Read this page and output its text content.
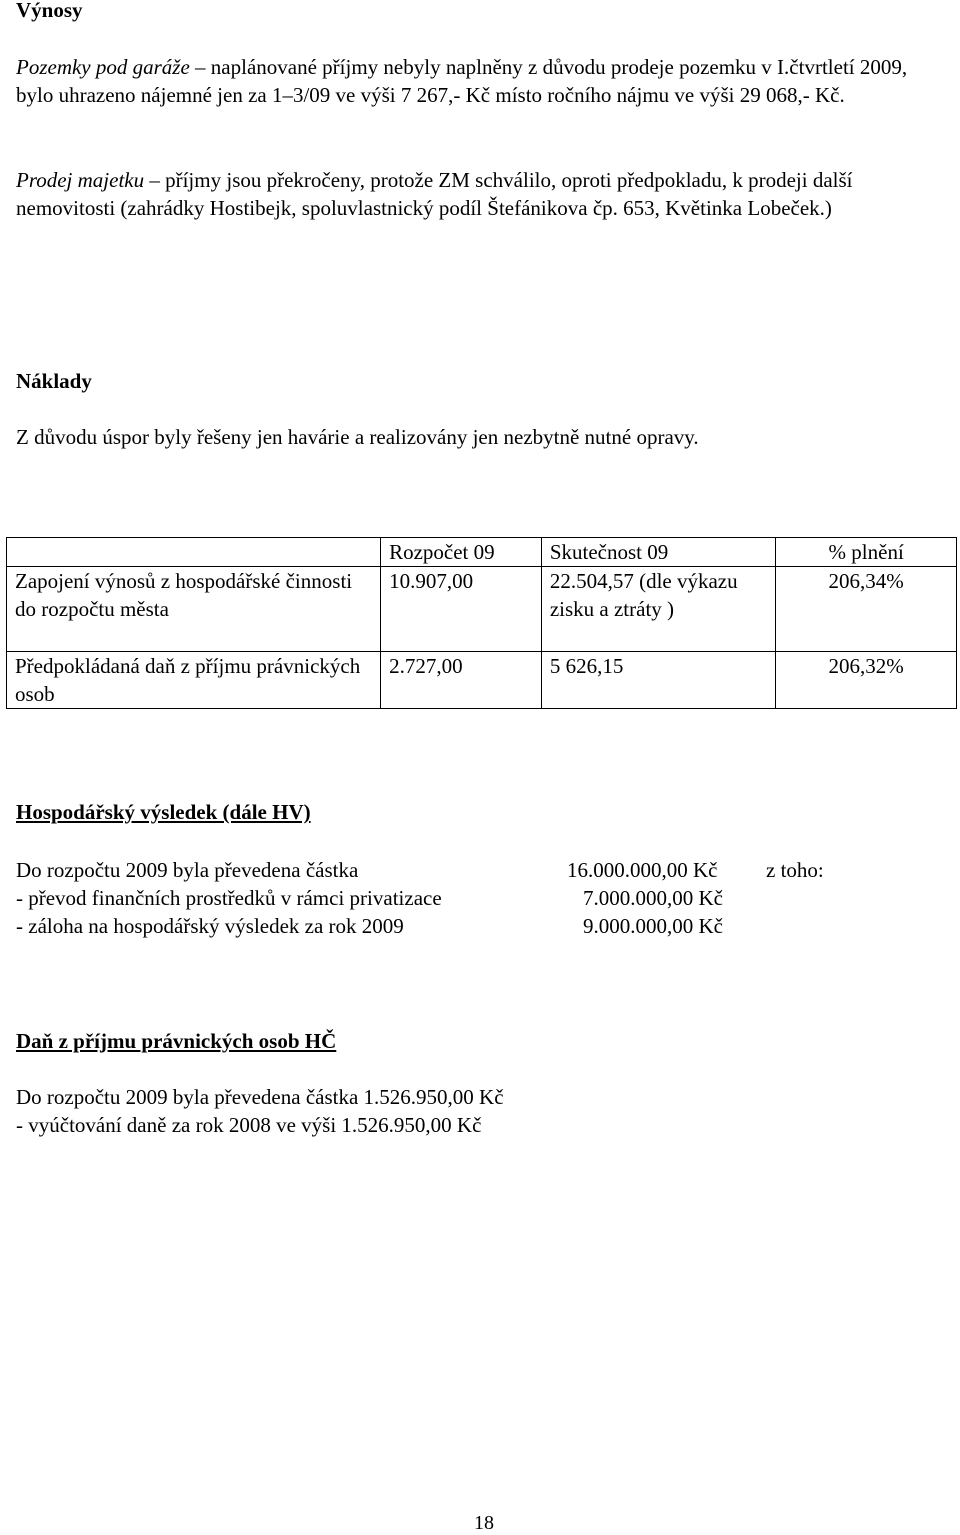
Výnosy
Pozemky pod garáže – naplánované příjmy nebyly naplněny z důvodu prodeje pozemku v I.čtvrtletí 2009, bylo uhrazeno nájemné jen za 1–3/09 ve výši 7 267,- Kč místo ročního nájmu ve výši 29 068,- Kč.
Prodej majetku – příjmy jsou překročeny, protože ZM schválilo, oproti předpokladu, k prodeji další nemovitosti (zahrádky Hostibejk, spoluvlastnický podíl Štefánikova čp. 653, Květinka Lobeček.)
Náklady
Z důvodu úspor byly řešeny jen havárie a realizovány jen nezbytně nutné opravy.
	Rozpočet 09	Skutečnost 09	% plnění
Zapojení výnosů z hospodářské činnosti do rozpočtu města	10.907,00	22.504,57 (dle výkazu zisku a ztráty )	206,34%
Předpokládaná daň z příjmu právnických osob	2.727,00	5 626,15	206,32%
Hospodářský výsledek (dále HV)
Do rozpočtu 2009 byla převedena částka	16.000.000,00 Kč z toho:
- převod finančních prostředků v rámci privatizace	7.000.000,00 Kč
- záloha na hospodářský výsledek za rok 2009	9.000.000,00 Kč
Daň z příjmu právnických osob HČ
Do rozpočtu 2009 byla převedena částka 1.526.950,00 Kč
- vyúčtování daně za rok 2008 ve výši 1.526.950,00 Kč
18
